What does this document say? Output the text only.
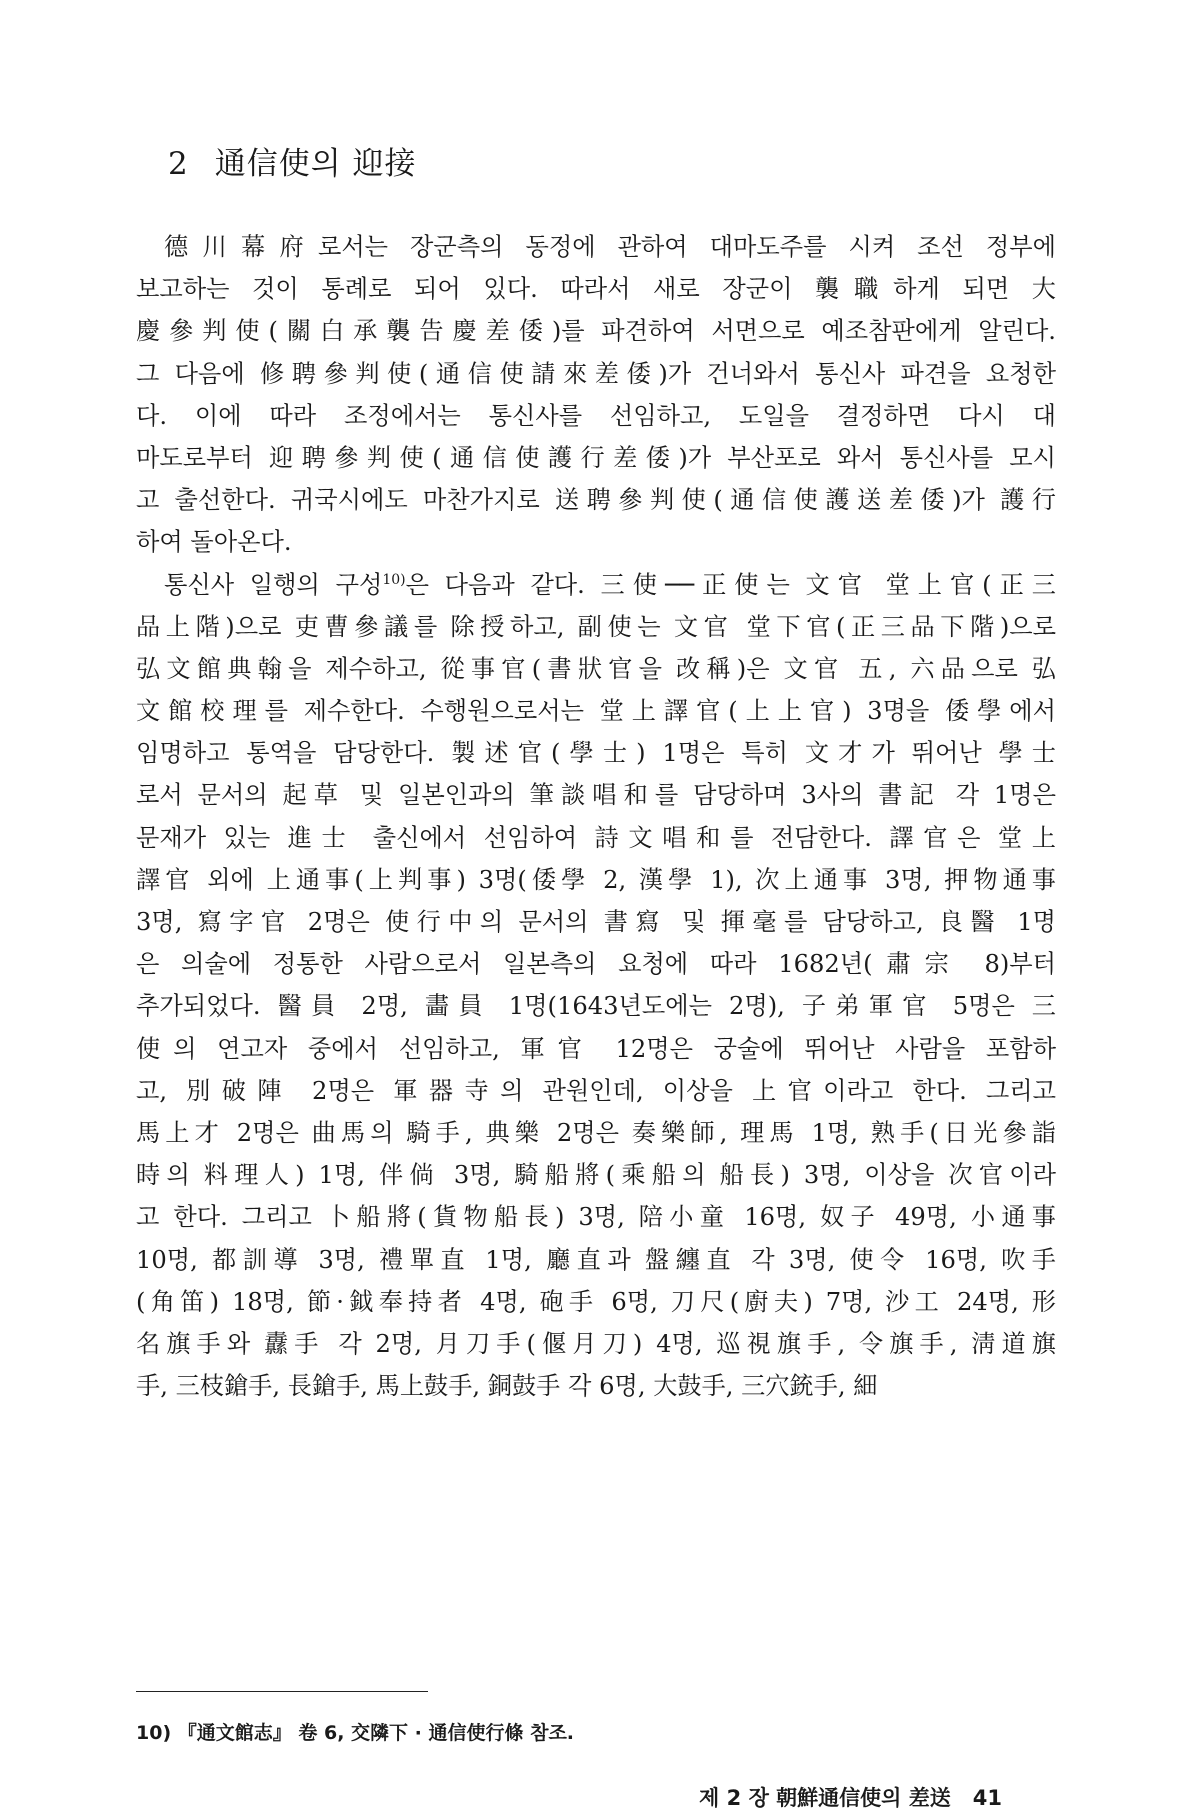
2 通信使의 迎接
德川幕府로서는 장군측의 동정에 관하여 대마도주를 시켜 조선 정부에
보고하는 것이 통례로 되어 있다. 따라서 새로 장군이 襲職하게 되면 大
慶參判使(關白承襲告慶差倭)를 파견하여 서면으로 예조참판에게 알린다.
그 다음에 修聘參判使(通信使請來差倭)가 건너와서 통신사 파견을 요청한
다. 이에 따라 조정에서는 통신사를 선임하고, 도일을 결정하면 다시 대
마도로부터 迎聘參判使(通信使護行差倭)가 부산포로 와서 통신사를 모시
고 출선한다. 귀국시에도 마찬가지로 送聘參判使(通信使護送差倭)가 護行
하여 돌아온다.
통신사 일행의 구성$^{10)}$은 다음과 같다. 三使──正使는 文官 堂上官(正三
品上階)으로 吏曹參議를 除授하고, 副使는 文官 堂下官(正三品下階)으로
弘文館典翰을 제수하고, 從事官(書狀官을 改稱)은 文官 五, 六品으로 弘
文館校理를 제수한다. 수행원으로서는 堂上譯官(上上官) 3명을 倭學에서
임명하고 통역을 담당한다. 製述官(學士) 1명은 특히 文才가 뛰어난 學士
로서 문서의 起草 및 일본인과의 筆談唱和를 담당하며 3사의 書記 각 1명은
문재가 있는 進士 출신에서 선임하여 詩文唱和를 전담한다. 譯官은 堂上
譯官 외에 上通事(上判事) 3명(倭學 2, 漢學 1), 次上通事 3명, 押物通事
3명, 寫字官 2명은 使行中의 문서의 書寫 및 揮毫를 담당하고, 良醫 1명
은 의술에 정통한 사람으로서 일본측의 요청에 따라 1682년(肅宗 8)부터
추가되었다. 醫員 2명, 畵員 1명(1643년도에는 2명), 子弟軍官 5명은 三
使의 연고자 중에서 선임하고, 軍官 12명은 궁술에 뛰어난 사람을 포함하
고, 別破陣 2명은 軍器寺의 관원인데, 이상을 上官이라고 한다. 그리고
馬上才 2명은 曲馬의 騎手, 典樂 2명은 奏樂師, 理馬 1명, 熟手(日光參詣
時의 料理人) 1명, 伴倘 3명, 騎船將(乘船의 船長) 3명, 이상을 次官이라
고 한다. 그리고 卜船將(貨物船長) 3명, 陪小童 16명, 奴子 49명, 小通事
10명, 都訓導 3명, 禮單直 1명, 廳直과 盤纏直 각 3명, 使令 16명, 吹手
(角笛) 18명, 節·鉞奉持者 4명, 砲手 6명, 刀尺(廚夫) 7명, 沙工 24명, 形
名旗手와 纛手 각 2명, 月刀手(偃月刀) 4명, 巡視旗手, 令旗手, 淸道旗
手, 三枝鎗手, 長鎗手, 馬上鼓手, 銅鼓手 각 6명, 大鼓手, 三穴銃手, 細
10) 『通文館志』 卷 6, 交隣下 · 通信使行條 참조.
제 2 장 朝鮮通信使의 差送 41
